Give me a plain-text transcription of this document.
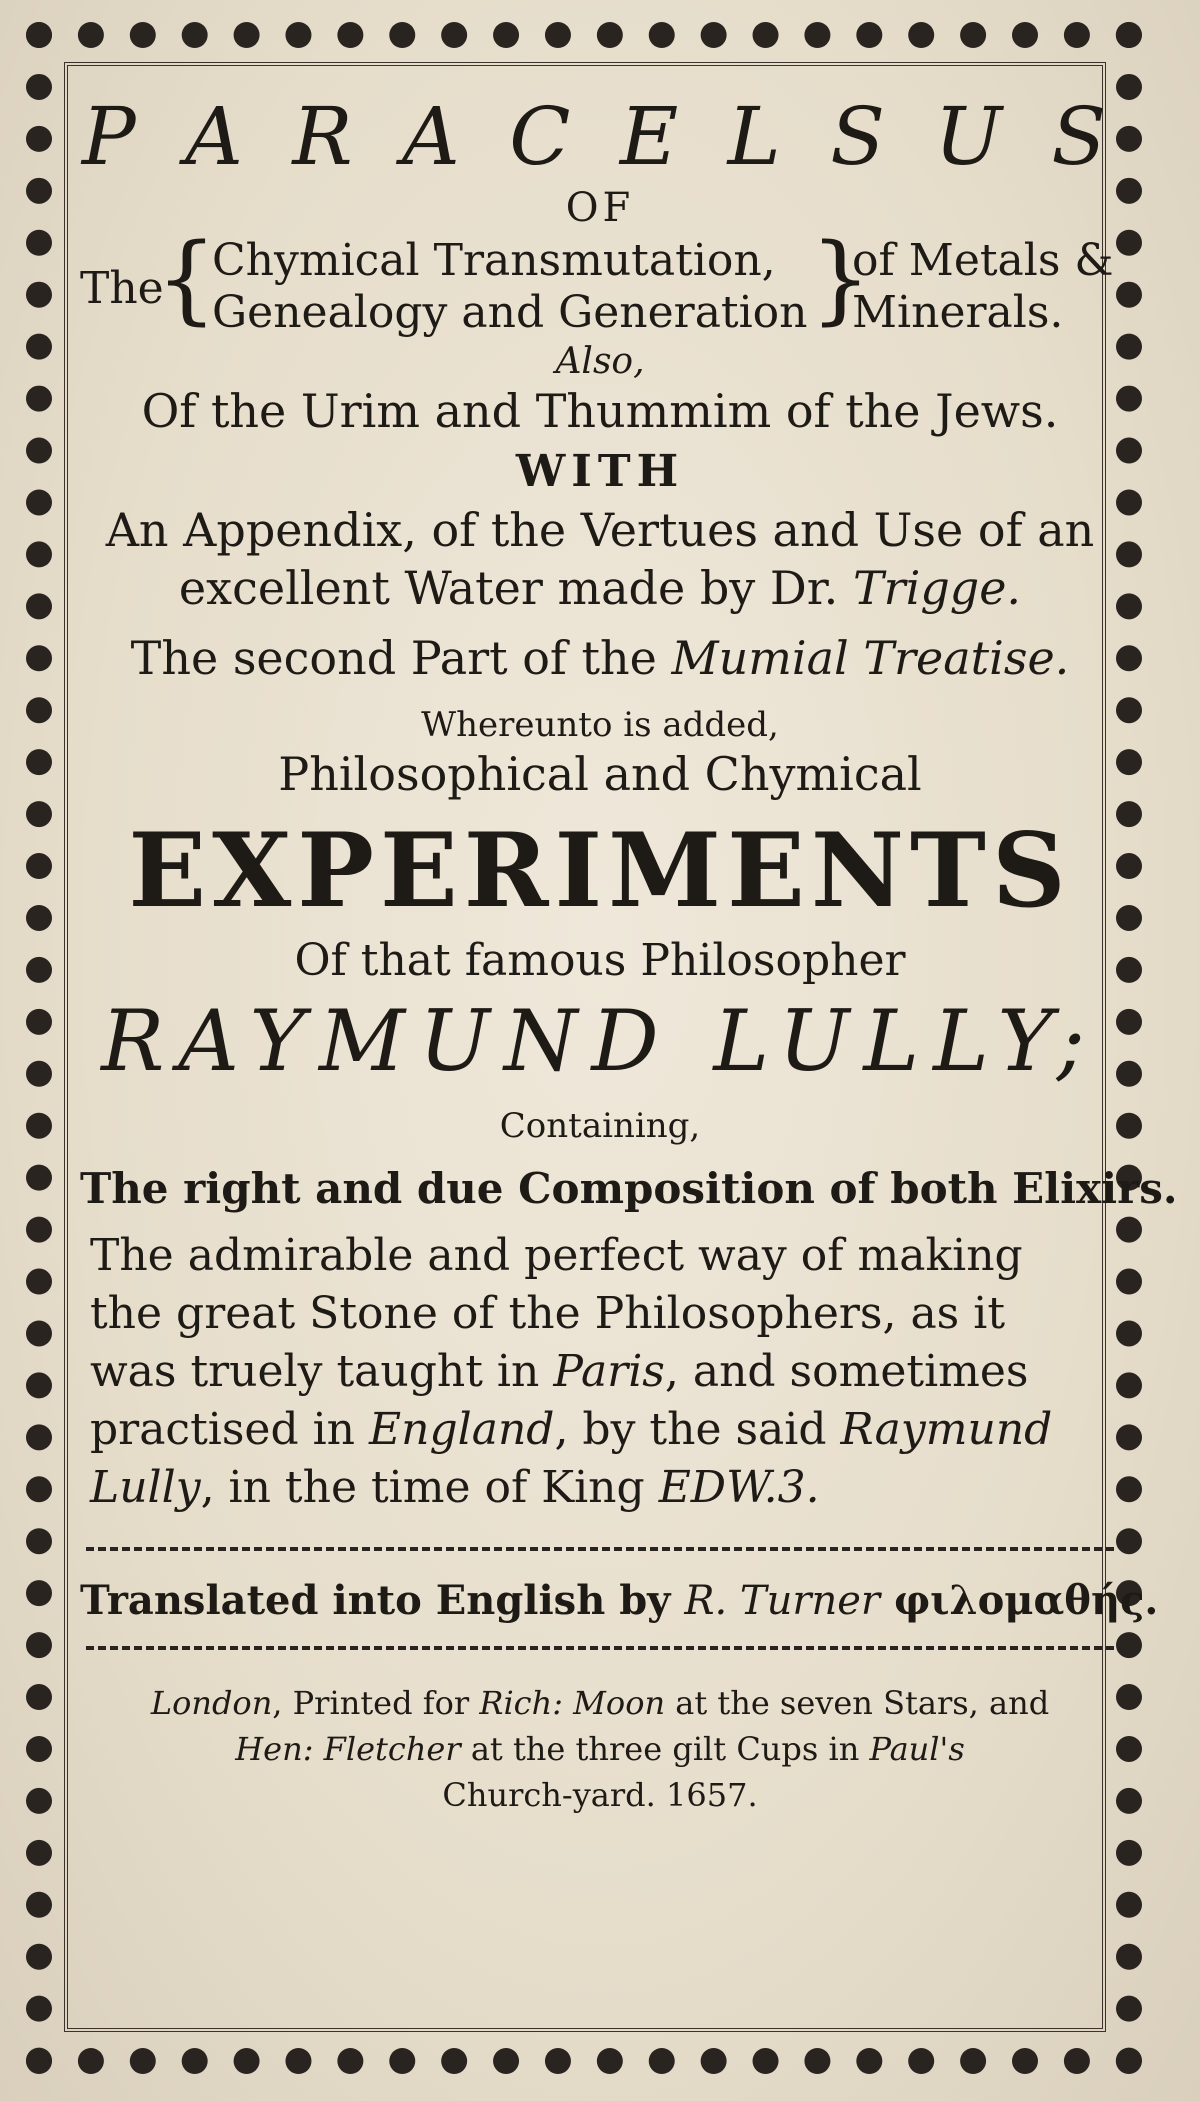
P A R A C E L S U S
OF
The
{
Chymical Transmutation,
Genealogy and Generation }
of Metals &
Minerals.
Also,
Of the Urim and Thummim of the Jews.
WITH
An Appendix, of the Vertues and Use of an
excellent Water made by Dr. Trigge.
The second Part of the Mumial Treatise.
Whereunto is added,
Philosophical and Chymical
EXPERIMENTS
Of that famous Philosopher
RAYMUND LULLY;
Containing,
The right and due Composition of both Elixirs.
The admirable and perfect way of making
the great Stone of the Philosophers, as it
was truely taught in Paris, and sometimes
practised in England, by the said Raymund
Lully, in the time of King EDW.3.
Translated into English by R. Turner φιλομαθής.
London, Printed for Rich: Moon at the seven Stars, and
Hen: Fletcher at the three gilt Cups in Paul's
Church-yard. 1657.
